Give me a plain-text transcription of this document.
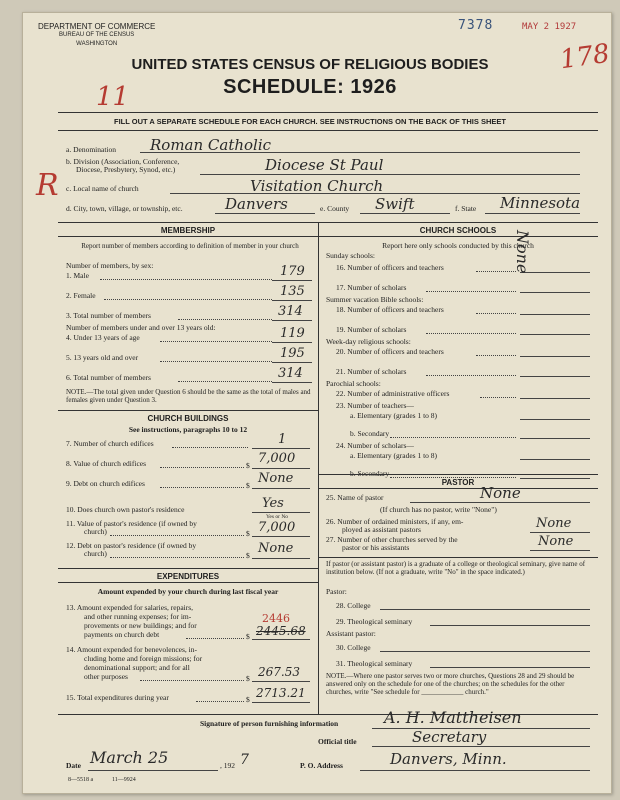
DEPARTMENT OF COMMERCE
BUREAU OF THE CENSUS
WASHINGTON
7378	MAY 2 1927
178
11
UNITED STATES CENSUS OF RELIGIOUS BODIES
SCHEDULE: 1926
FILL OUT A SEPARATE SCHEDULE FOR EACH CHURCH. SEE INSTRUCTIONS ON THE BACK OF THIS SHEET
R
a. Denomination Roman Catholic
b. Division (Association, Conference,
Diocese, Presbytery, Synod, etc.)	Diocese St Paul
c. Local name of church	Visitation Church
d. City, town, village, or township, etc.	Danvers	e. County Swift	f. State Minnesota
MEMBERSHIP
Report number of members according to definition of member in your church
Number of members, by sex:
1. Male	179
2. Female	135
3. Total number of members	314
Number of members under and over 13 years old:
4. Under 13 years of age	119
5. 13 years old and over	195
6. Total number of members	314
NOTE.—The total given under Question 6 should be the same as the total of males and females given under Question 3.
CHURCH BUILDINGS
See instructions, paragraphs 10 to 12
7. Number of church edifices	1
8. Value of church edifices	$ 7,000
9. Debt on church edifices	$ None
10. Does church own pastor's residence	Yes
Yes or No
11. Value of pastor's residence (if owned by
church)	$ 7,000
12. Debt on pastor's residence (if owned by
church)	$ None
EXPENDITURES
Amount expended by your church during last fiscal year
13. Amount expended for salaries, repairs,
and other running expenses; for im-
provements or new buildings; and for
payments on church debt	$
2446
2445.68
14. Amount expended for benevolences, in-
cluding home and foreign missions; for
denominational support; and for all
other purposes	$ 267.53
15. Total expenditures during year	$ 2713.21
CHURCH SCHOOLS
Report here only schools conducted by this church
Sunday schools:
16. Number of officers and teachers
17. Number of scholars
Summer vacation Bible schools:
18. Number of officers and teachers
19. Number of scholars
Week-day religious schools:
20. Number of officers and teachers
21. Number of scholars
Parochial schools:
22. Number of administrative officers
23. Number of teachers—
a. Elementary (grades 1 to 8)
b. Secondary
24. Number of scholars—
a. Elementary (grades 1 to 8)
None
PASTOR
25. Name of pastor	None
(If church has no pastor, write "None")
26. Number of ordained ministers, if any, em-
ployed as assistant pastors	None
27. Number of other churches served by the
pastor or his assistants	None
If pastor (or assistant pastor) is a graduate of a college or theological seminary, give name of institution below. (If not a graduate, write "No" in the space indicated.)
Pastor:
28. College
29. Theological seminary
Assistant pastor:
30. College
31. Theological seminary
NOTE.—Where one pastor serves two or more churches, Questions 28 and 29 should be answered only on the schedule for one of the churches; on the schedules for the other churches, write "See schedule for ____________ church."
Signature of person furnishing information	A. H. Mattheisen
Official title	Secretary
Date March 25	, 192 7	P. O. Address	Danvers, Minn.
8—5518 a	11—9924
